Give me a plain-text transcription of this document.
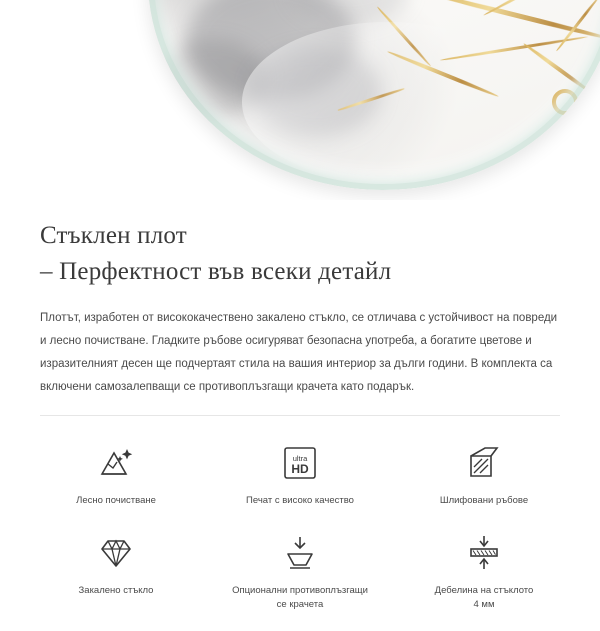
Стъклен плот
– Перфектност във всеки детайл

Плотът, изработен от висококачествено закалено стъкло, се отличава с устойчивост на повреди и лесно почистване. Гладките ръбове осигуряват безопасна употреба, а богатите цветове и изразителният десен ще подчертаят стила на вашия интериор за дълги години. В комплекта са включени самозалепващи се противоплъзгащи крачета като подарък.

Лесно почистване
ultra
HD
Печат с високо качество	Шлифовани ръбове
Закалено стъкло	Опционални противоплъзгащи
се крачета
Дебелина на стъклото
4 мм
